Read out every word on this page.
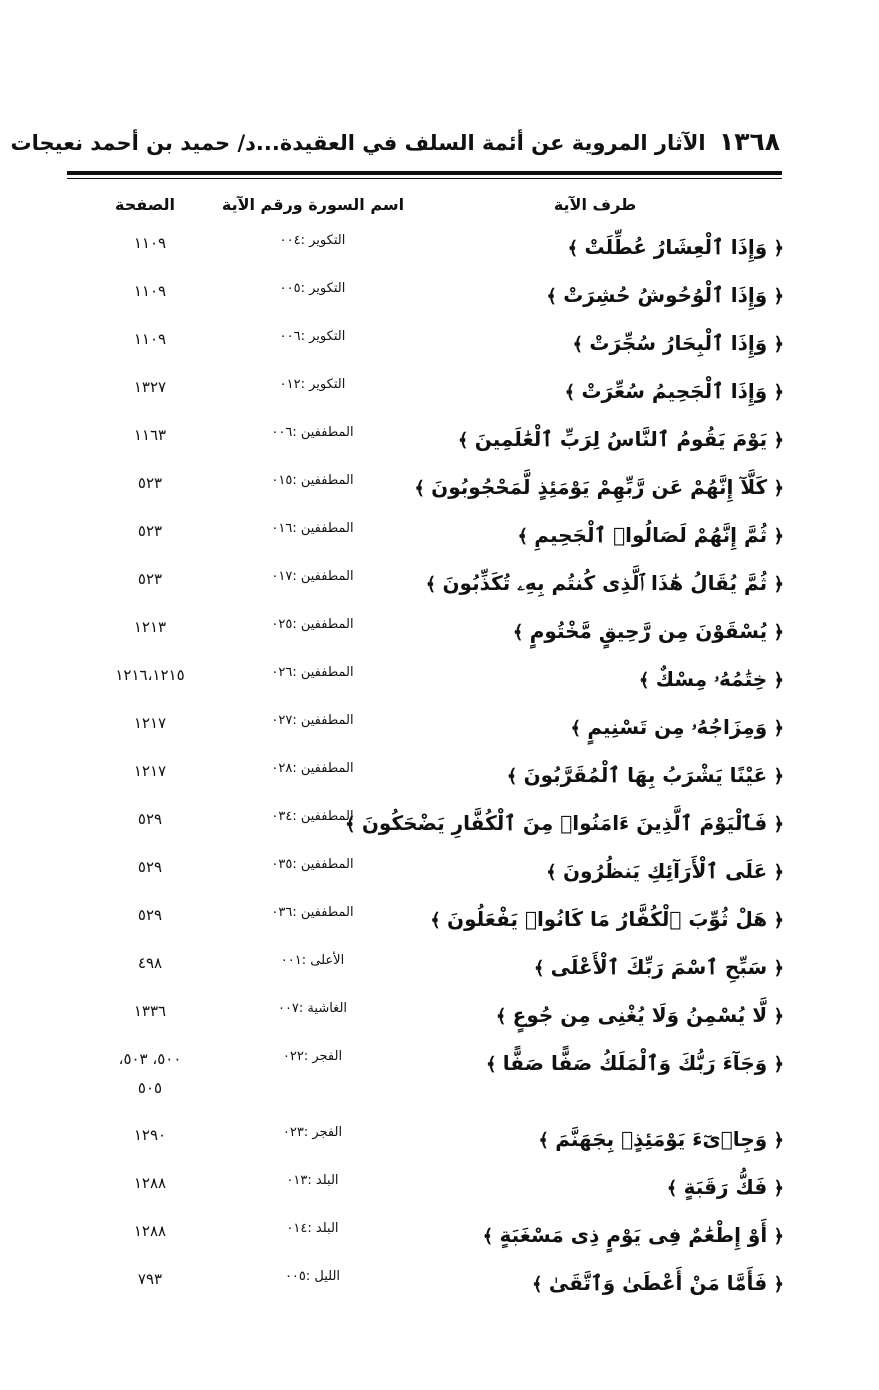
١٣٦٨ الآثار المروية عن أئمة السلف في العقيدة...د/ حميد بن أحمد نعيجات
طرف الآية
اسم السورة ورقم الآية
الصفحة
﴿ وَإِذَا ٱلْعِشَارُ عُطِّلَتْ ﴾
التكوير :٠٠٤
١١٠٩
﴿ وَإِذَا ٱلْوُحُوشُ حُشِرَتْ ﴾
التكوير :٠٠٥
١١٠٩
﴿ وَإِذَا ٱلْبِحَارُ سُجِّرَتْ ﴾
التكوير :٠٠٦
١١٠٩
﴿ وَإِذَا ٱلْجَحِيمُ سُعِّرَتْ ﴾
التكوير :٠١٢
١٣٢٧
﴿ يَوْمَ يَقُومُ ٱلنَّاسُ لِرَبِّ ٱلْعَٰلَمِينَ ﴾
المطففين :٠٠٦
١١٦٣
﴿ كَلَّآ إِنَّهُمْ عَن رَّبِّهِمْ يَوْمَئِذٍ لَّمَحْجُوبُونَ ﴾
المطففين :٠١٥
٥٢٣
﴿ ثُمَّ إِنَّهُمْ لَصَالُوا۟ ٱلْجَحِيمِ ﴾
المطففين :٠١٦
٥٢٣
﴿ ثُمَّ يُقَالُ هَٰذَا ٱلَّذِى كُنتُم بِهِۦ تُكَذِّبُونَ ﴾
المطففين :٠١٧
٥٢٣
﴿ يُسْقَوْنَ مِن رَّحِيقٍ مَّخْتُومٍ ﴾
المطففين :٠٢٥
١٢١٣
﴿ خِتَٰمُهُۥ مِسْكٌ ﴾
المطففين :٠٢٦
١٢١٦،١٢١٥
﴿ وَمِزَاجُهُۥ مِن تَسْنِيمٍ ﴾
المطففين :٠٢٧
١٢١٧
﴿ عَيْنًا يَشْرَبُ بِهَا ٱلْمُقَرَّبُونَ ﴾
المطففين :٠٢٨
١٢١٧
﴿ فَٱلْيَوْمَ ٱلَّذِينَ ءَامَنُوا۟ مِنَ ٱلْكُفَّارِ يَضْحَكُونَ ﴾
المطففين :٠٣٤
٥٢٩
﴿ عَلَى ٱلْأَرَآئِكِ يَنظُرُونَ ﴾
المطففين :٠٣٥
٥٢٩
﴿ هَلْ ثُوِّبَ ٱلْكُفَّارُ مَا كَانُوا۟ يَفْعَلُونَ ﴾
المطففين :٠٣٦
٥٢٩
﴿ سَبِّحِ ٱسْمَ رَبِّكَ ٱلْأَعْلَى ﴾
الأعلى :٠٠١
٤٩٨
﴿ لَّا يُسْمِنُ وَلَا يُغْنِى مِن جُوعٍ ﴾
الغاشية :٠٠٧
١٣٣٦
﴿ وَجَآءَ رَبُّكَ وَٱلْمَلَكُ صَفًّا صَفًّا ﴾
الفجر :٠٢٢
٥٠٠، ٥٠٣،
٥٠٥
﴿ وَجِا۟ىٓءَ يَوْمَئِذٍۭ بِجَهَنَّمَ ﴾
الفجر :٠٢٣
١٢٩٠
﴿ فَكُّ رَقَبَةٍ ﴾
البلد :٠١٣
١٢٨٨
﴿ أَوْ إِطْعَٰمٌ فِى يَوْمٍ ذِى مَسْغَبَةٍ ﴾
البلد :٠١٤
١٢٨٨
﴿ فَأَمَّا مَنْ أَعْطَىٰ وَٱتَّقَىٰ ﴾
الليل :٠٠٥
٧٩٣
